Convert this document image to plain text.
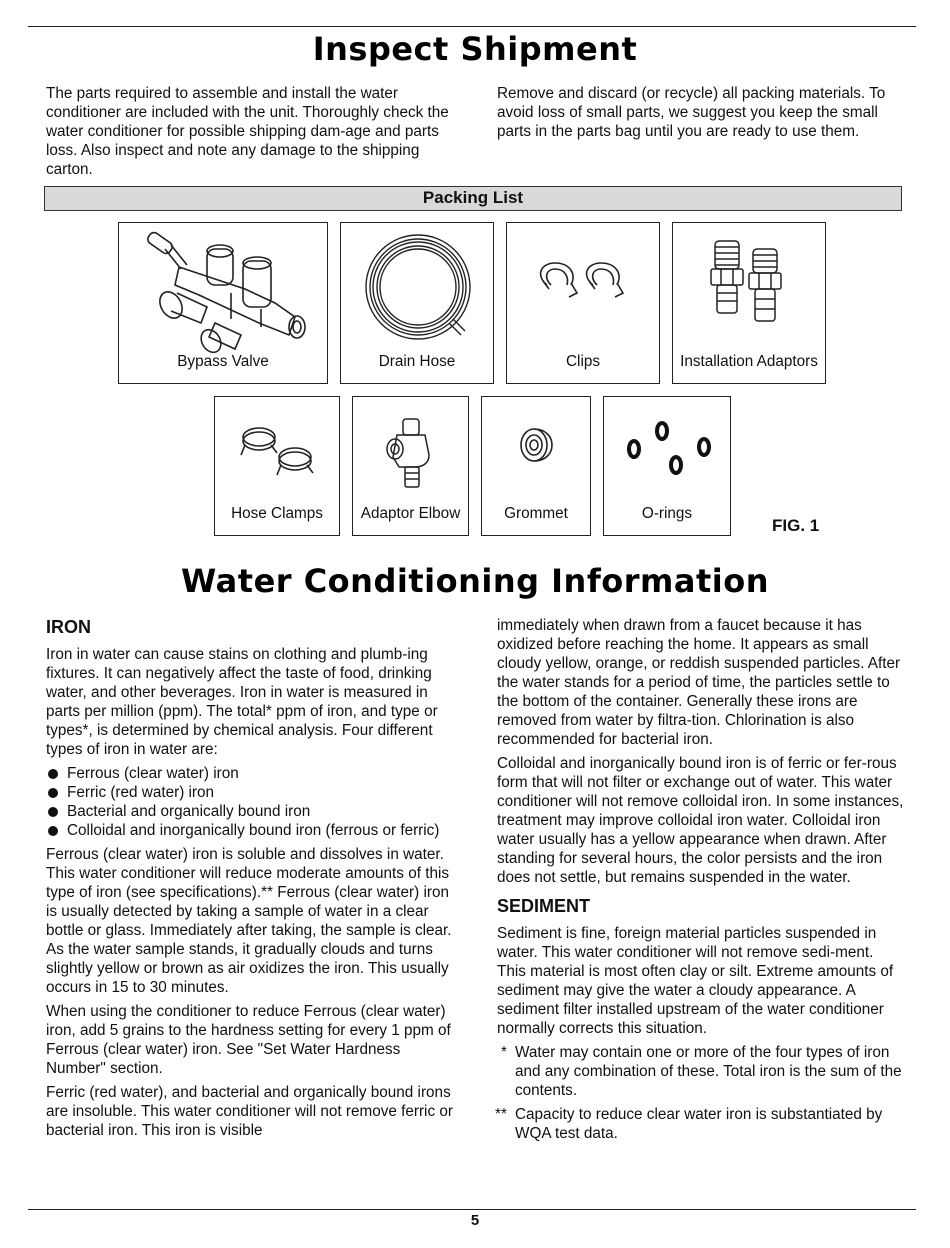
Inspect Shipment

The parts required to assemble and install the water conditioner are included with the unit. Thoroughly check the water conditioner for possible shipping dam-age and parts loss. Also inspect and note any damage to the shipping carton.

Remove and discard (or recycle) all packing materials. To avoid loss of small parts, we suggest you keep the small parts in the parts bag until you are ready to use them.

Packing List
Bypass Valve	Drain Hose	Clips	Installation Adaptors
Hose Clamps	Adaptor Elbow	Grommet	O-rings
FIG. 1
Water Conditioning Information
IRON

Iron in water can cause stains on clothing and plumb-ing fixtures. It can negatively affect the taste of food, drinking water, and other beverages. Iron in water is measured in parts per million (ppm). The total* ppm of iron, and type or types*, is determined by chemical analysis. Four different types of iron in water are:

Ferrous (clear water) iron
Ferric (red water) iron
Bacterial and organically bound iron
Colloidal and inorganically bound iron (ferrous or ferric)

Ferrous (clear water) iron is soluble and dissolves in water. This water conditioner will reduce moderate amounts of this type of iron (see specifications).** Ferrous (clear water) iron is usually detected by taking a sample of water in a clear bottle or glass. Immediately after taking, the sample is clear. As the water sample stands, it gradually clouds and turns slightly yellow or brown as air oxidizes the iron. This usually occurs in 15 to 30 minutes.

When using the conditioner to reduce Ferrous (clear water) iron, add 5 grains to the hardness setting for every 1 ppm of Ferrous (clear water) iron. See "Set Water Hardness Number" section.

Ferric (red water), and bacterial and organically bound irons are insoluble. This water conditioner will not remove ferric or bacterial iron. This iron is visible

immediately when drawn from a faucet because it has oxidized before reaching the home. It appears as small cloudy yellow, orange, or reddish suspended particles. After the water stands for a period of time, the particles settle to the bottom of the container. Generally these irons are removed from water by filtra-tion. Chlorination is also recommended for bacterial iron.

Colloidal and inorganically bound iron is of ferric or fer-rous form that will not filter or exchange out of water. This water conditioner will not remove colloidal iron. In some instances, treatment may improve colloidal iron water. Colloidal iron water usually has a yellow appearance when drawn. After standing for several hours, the color persists and the iron does not settle, but remains suspended in the water.

SEDIMENT

Sediment is fine, foreign material particles suspended in water. This water conditioner will not remove sedi-ment. This material is most often clay or silt. Extreme amounts of sediment may give the water a cloudy appearance. A sediment filter installed upstream of the water conditioner normally corrects this situation.

* Water may contain one or more of the four types of iron and any combination of these. Total iron is the sum of the contents.
** Capacity to reduce clear water iron is substantiated by WQA test data.
5
